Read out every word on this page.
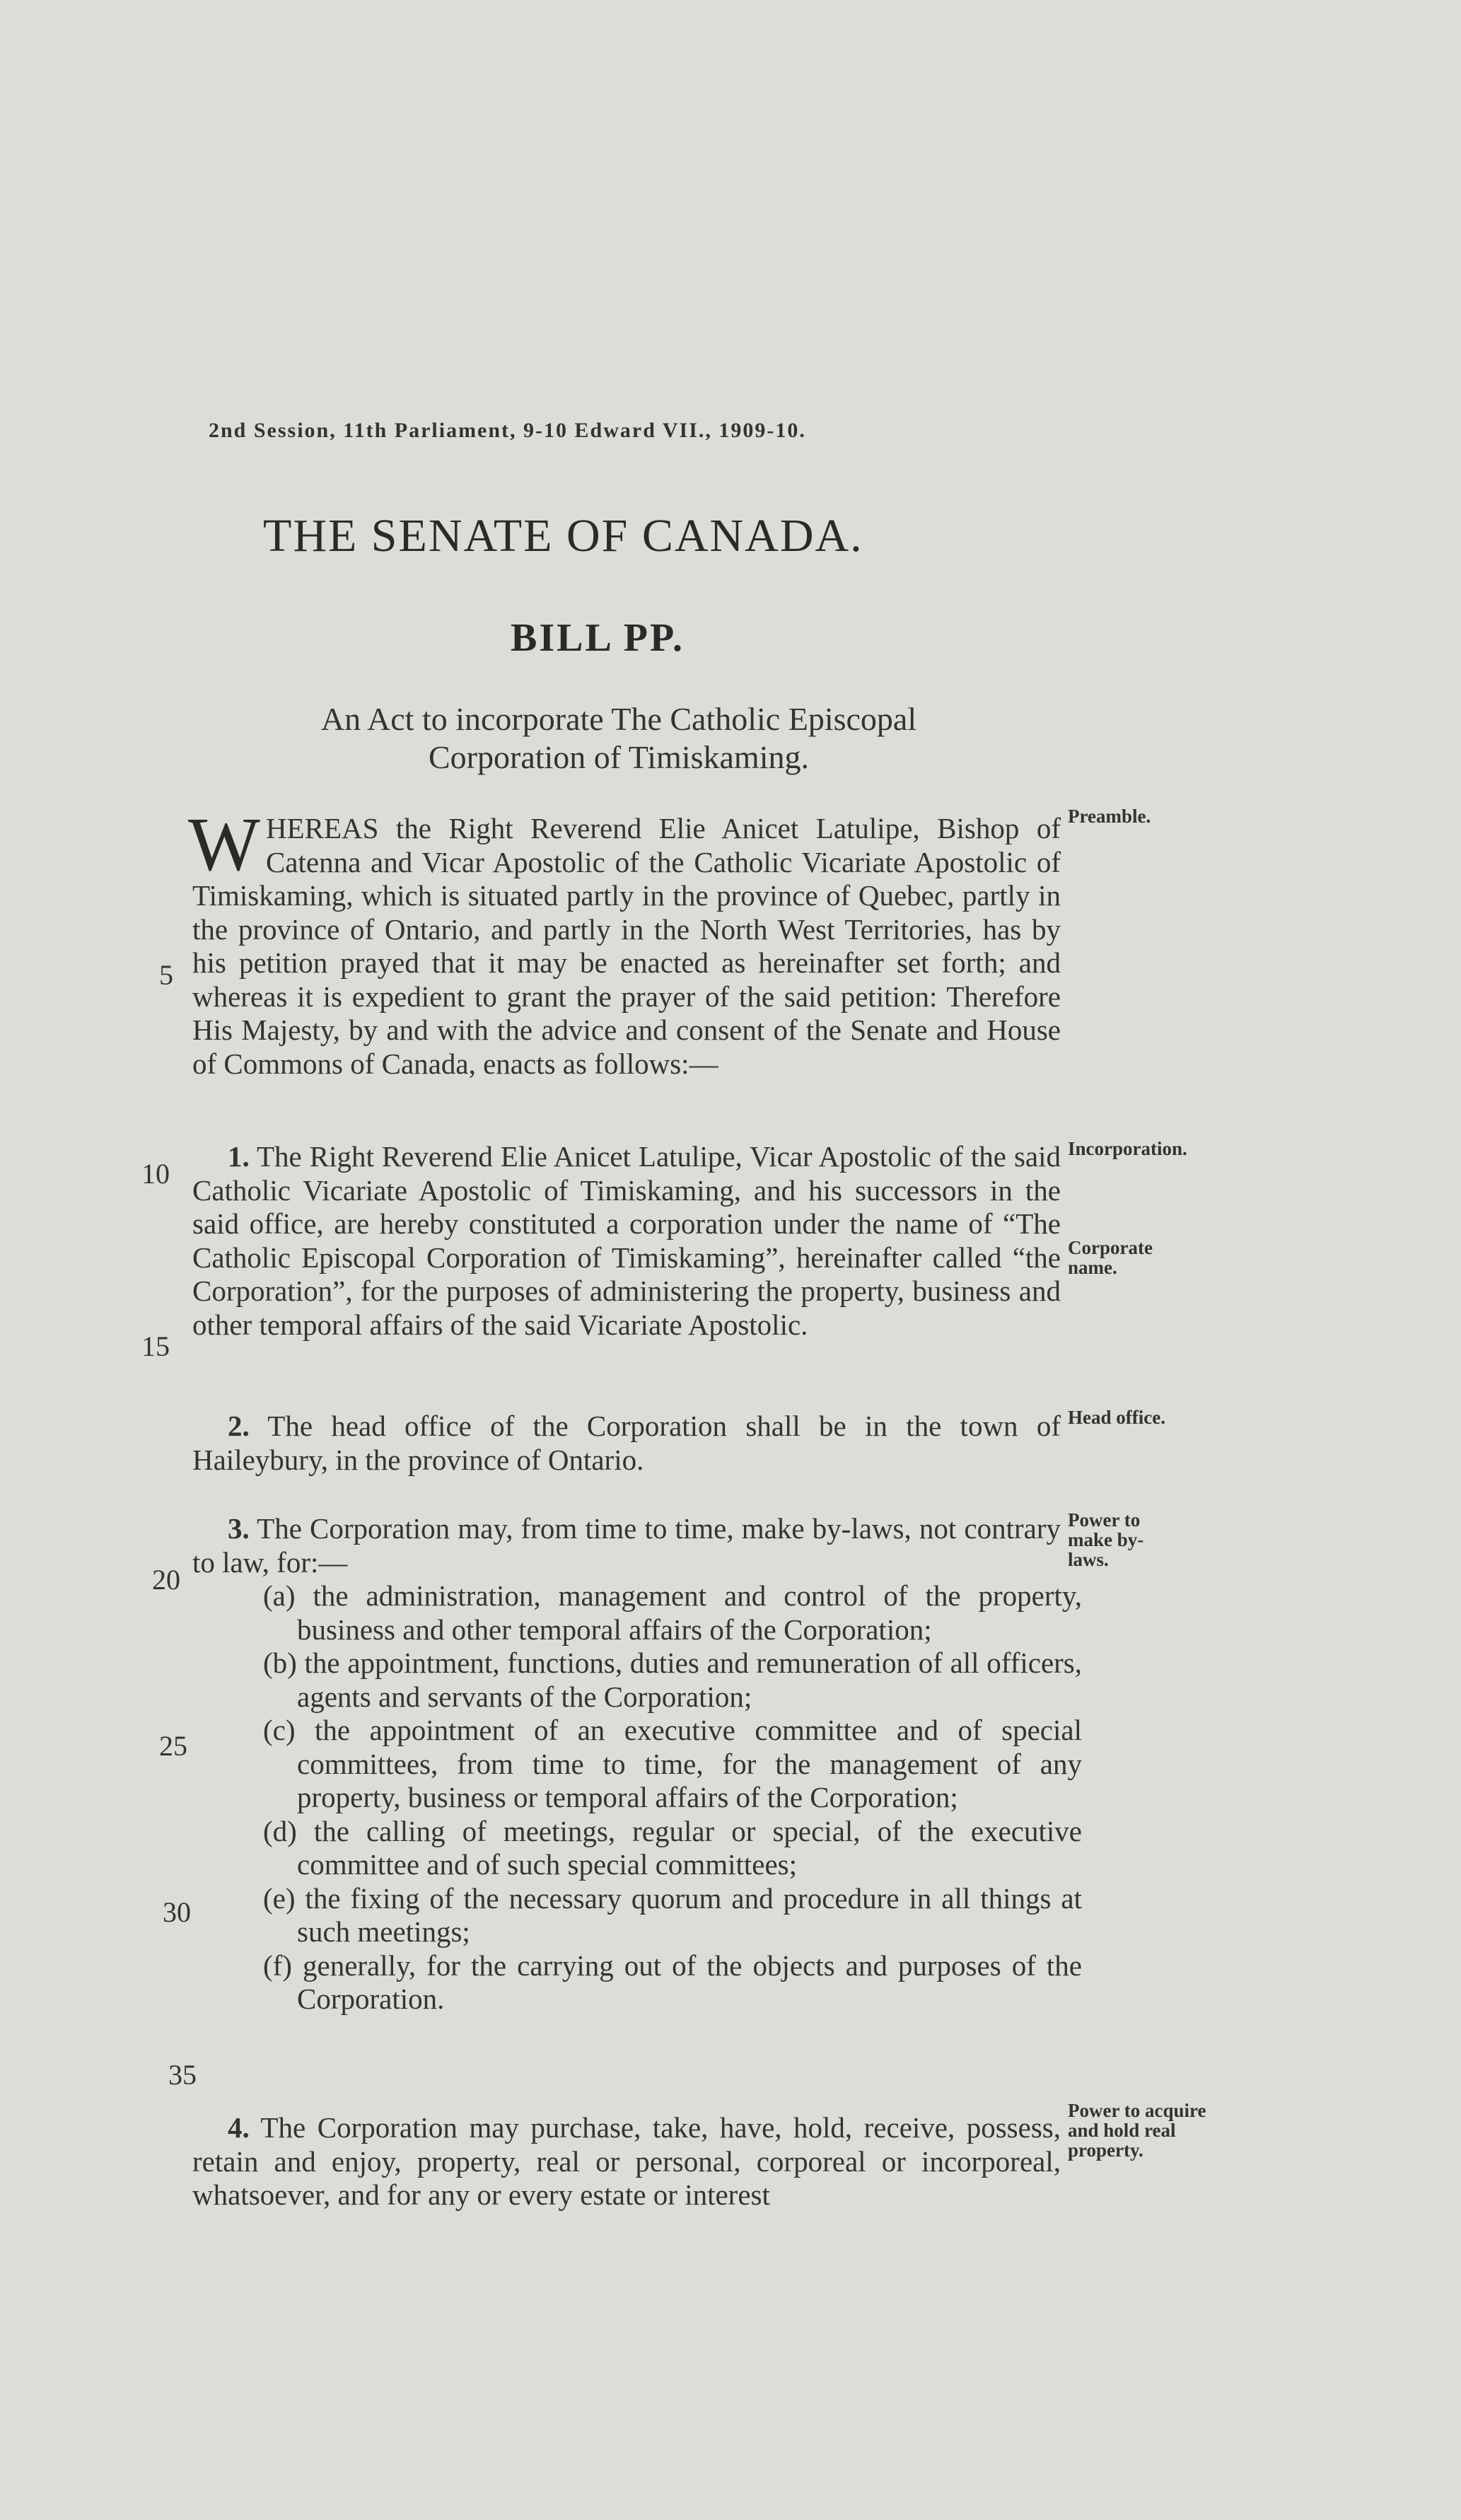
2nd Session, 11th Parliament, 9-10 Edward VII., 1909-10.
THE SENATE OF CANADA.
BILL PP.
An Act to incorporate The Catholic Episcopal
Corporation of Timiskaming.
W HEREAS the Right Reverend Elie Anicet Latulipe, Bishop of Catenna and Vicar Apostolic of the Catholic Vicariate Apostolic of Timiskaming, which is situated partly in the province of Quebec, partly in the province of Ontario, and partly in the North West Territories, has by his petition prayed that it may be enacted as hereinafter set forth; and whereas it is expedient to grant the prayer of the said petition: Therefore His Majesty, by and with the advice and consent of the Senate and House of Commons of Canada, enacts as follows:—
1. The Right Reverend Elie Anicet Latulipe, Vicar Apostolic of the said Catholic Vicariate Apostolic of Timiskaming, and his successors in the said office, are hereby constituted a corporation under the name of “The Catholic Episcopal Corporation of Timiskaming”, hereinafter called “the Corporation”, for the purposes of administering the property, business and other temporal affairs of the said Vicariate Apostolic.
2. The head office of the Corporation shall be in the town of Haileybury, in the province of Ontario.
3. The Corporation may, from time to time, make by-laws, not contrary to law, for:—
(a) the administration, management and control of the property, business and other temporal affairs of the Corporation;
(b) the appointment, functions, duties and remuneration of all officers, agents and servants of the Corporation;
(c) the appointment of an executive committee and of special committees, from time to time, for the management of any property, business or temporal affairs of the Corporation;
(d) the calling of meetings, regular or special, of the executive committee and of such special committees;
(e) the fixing of the necessary quorum and procedure in all things at such meetings;
(f) generally, for the carrying out of the objects and purposes of the Corporation.
4. The Corporation may purchase, take, have, hold, receive, possess, retain and enjoy, property, real or personal, corporeal or incorporeal, whatsoever, and for any or every estate or interest
Preamble.
Incorporation.
Corporate name.
Head office.
Power to make by-laws.
Power to acquire and hold real property.
5
10
15
20
25
30
35
